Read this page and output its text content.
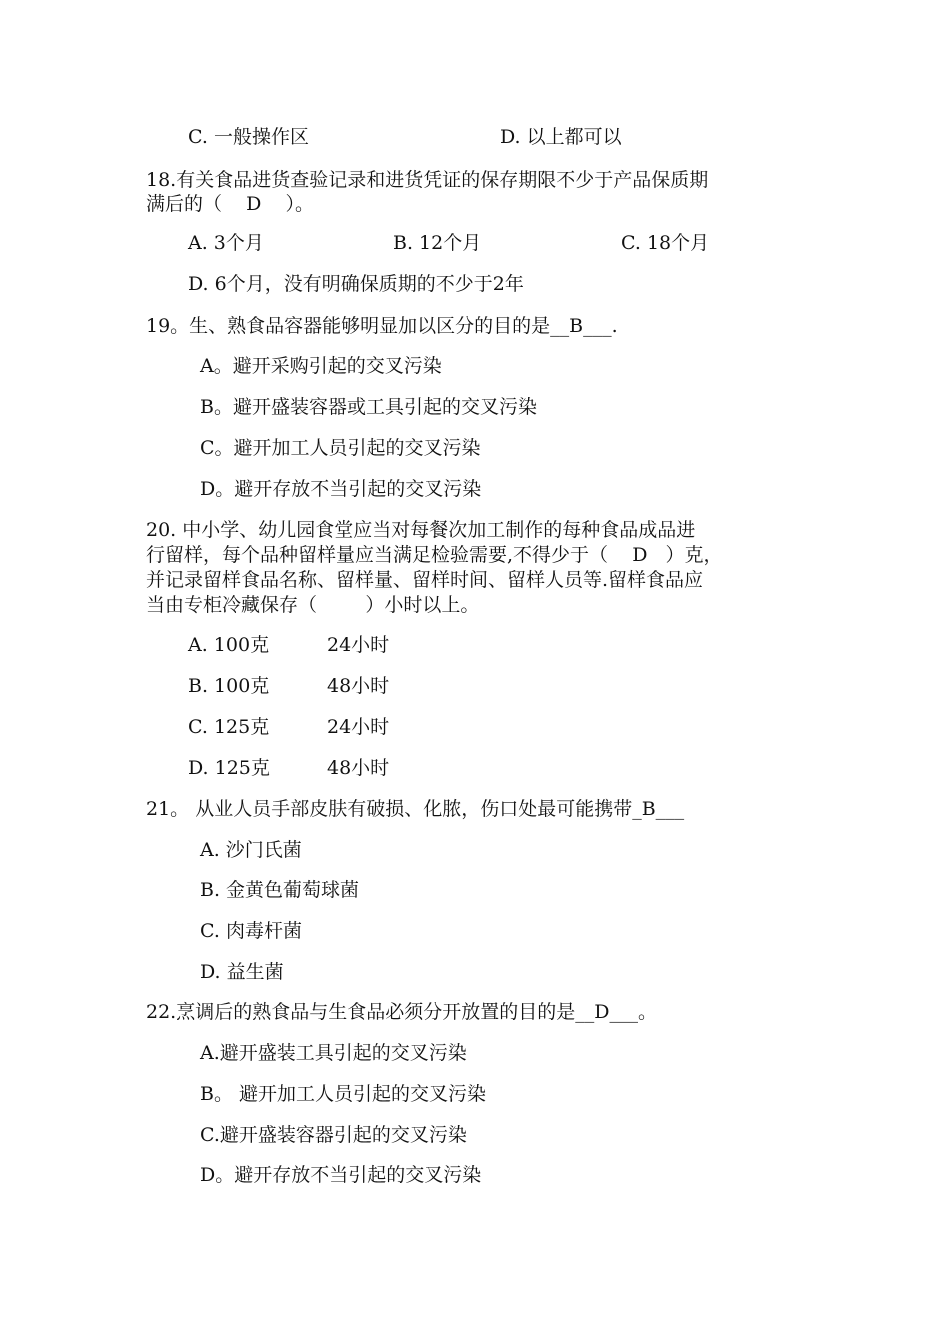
C. 一般操作区	D. 以上都可以
18.有关食品进货查验记录和进货凭证的保存期限不少于产品保质期
满后的（    D    ）。
A. 3个月	B. 12个月	C. 18个月
D. 6个月，没有明确保质期的不少于2年
19。生、熟食品容器能够明显加以区分的目的是__B___.
A。避开采购引起的交叉污染
B。避开盛装容器或工具引起的交叉污染
C。避开加工人员引起的交叉污染
D。避开存放不当引起的交叉污染
20. 中小学、幼儿园食堂应当对每餐次加工制作的每种食品成品进
行留样，每个品种留样量应当满足检验需要,不得少于（    D   ）克，
并记录留样食品名称、留样量、留样时间、留样人员等.留样食品应
当由专柜冷藏保存（        ）小时以上。
A. 100克	24小时
B. 100克	48小时
C. 125克	24小时
D. 125克	48小时
21。 从业人员手部皮肤有破损、化脓，伤口处最可能携带_B___
A. 沙门氏菌
B. 金黄色葡萄球菌
C. 肉毒杆菌
D. 益生菌
22.烹调后的熟食品与生食品必须分开放置的目的是__D___。
A.避开盛装工具引起的交叉污染
B。 避开加工人员引起的交叉污染
C.避开盛装容器引起的交叉污染
D。避开存放不当引起的交叉污染
